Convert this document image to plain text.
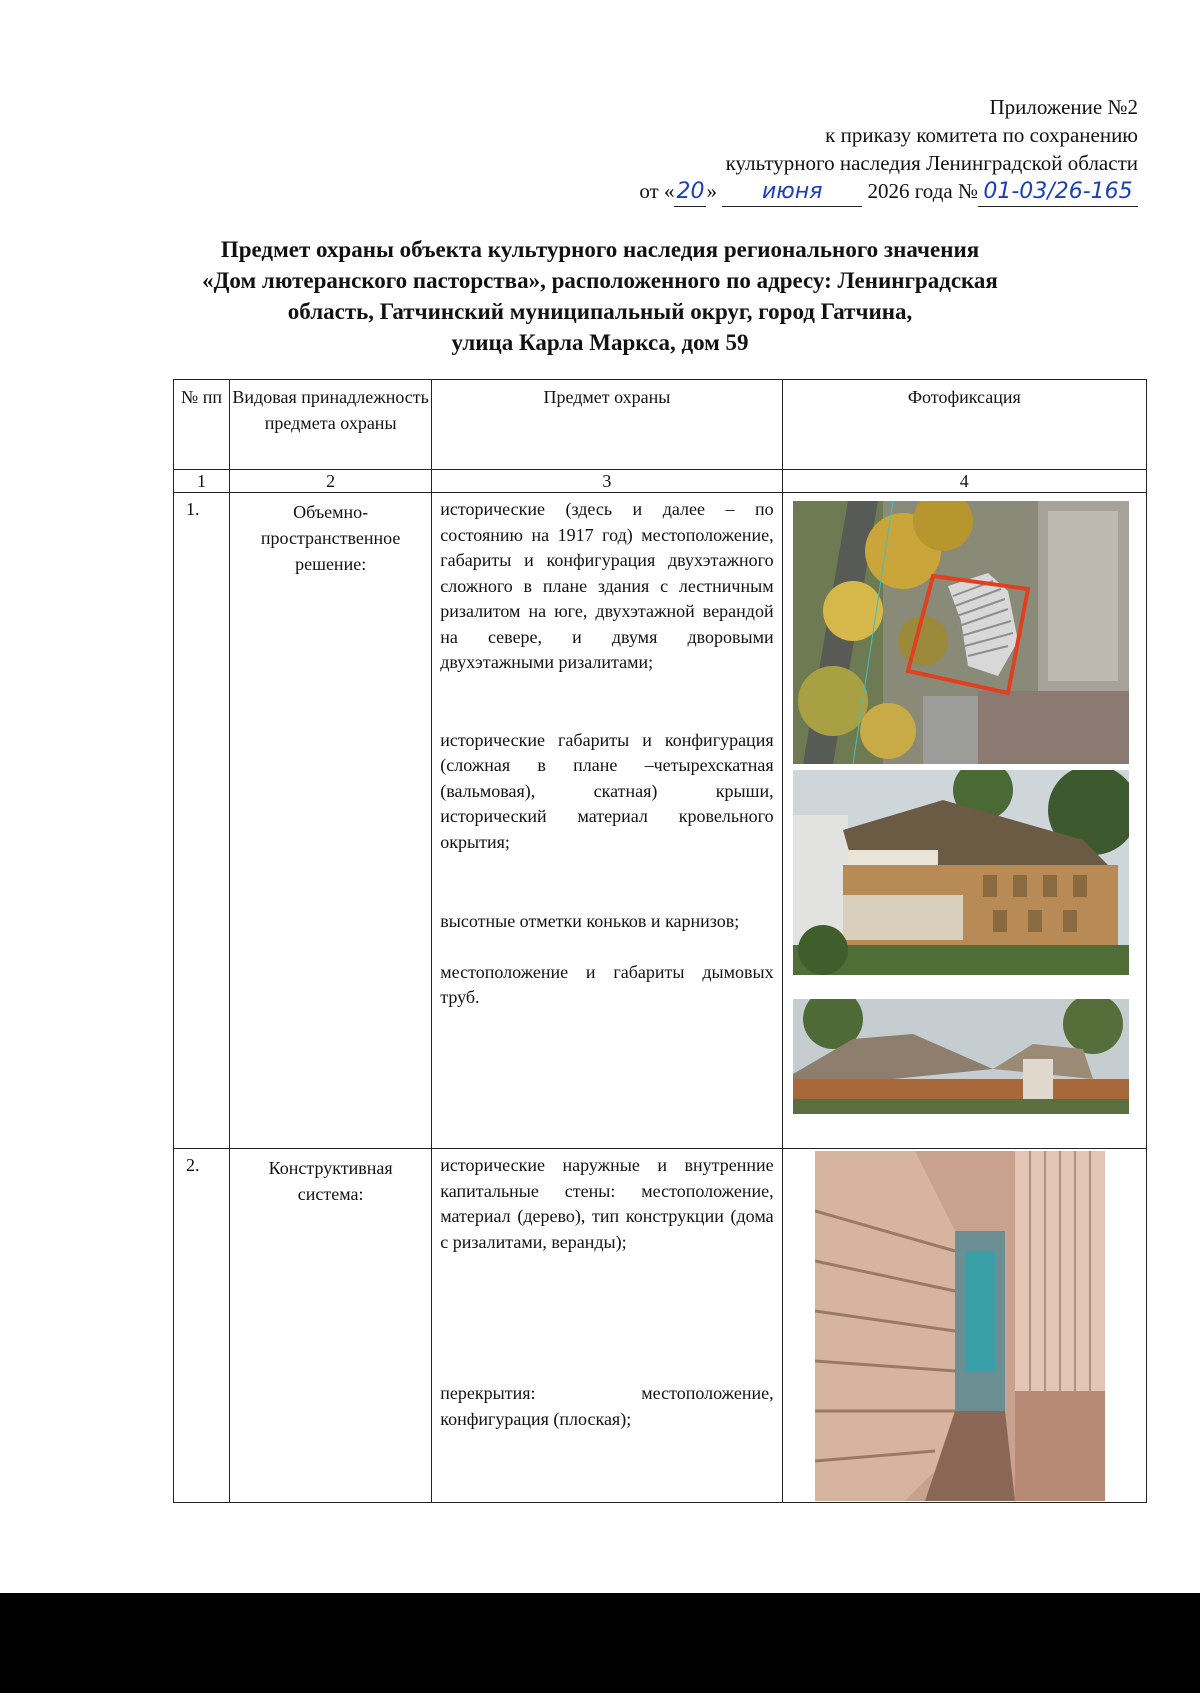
Приложение №2
к приказу комитета по сохранению
культурного наследия Ленинградской области
от «20» июня 2026 года № 01-03/26-165
Предмет охраны объекта культурного наследия регионального значения
«Дом лютеранского пасторства», расположенного по адресу: Ленинградская
область, Гатчинский муниципальный округ, город Гатчина,
улица Карла Маркса, дом 59
№ пп	Видовая принадлежность предмета охраны	Предмет охраны	Фотофиксация
1	2	3	4
1.	Объемно-пространственное решение:	исторические (здесь и далее – по состоянию на 1917 год) местоположение, габариты и конфигурация двухэтажного сложного в плане здания с лестничным ризалитом на юге, двухэтажной верандой на севере, и двумя дворовыми двухэтажными ризалитами;

исторические габариты и конфигурация (сложная в плане –четырехскатная (вальмовая), скатная) крыши, исторический материал кровельного окрытия;

высотные отметки коньков и карнизов;

местоположение и габариты дымовых труб.

2.	Конструктивная система:	исторические наружные и внутренние капитальные стены: местоположение, материал (дерево), тип конструкции (дома с ризалитами, веранды);

перекрытия: местоположение, конфигурация (плоская);
